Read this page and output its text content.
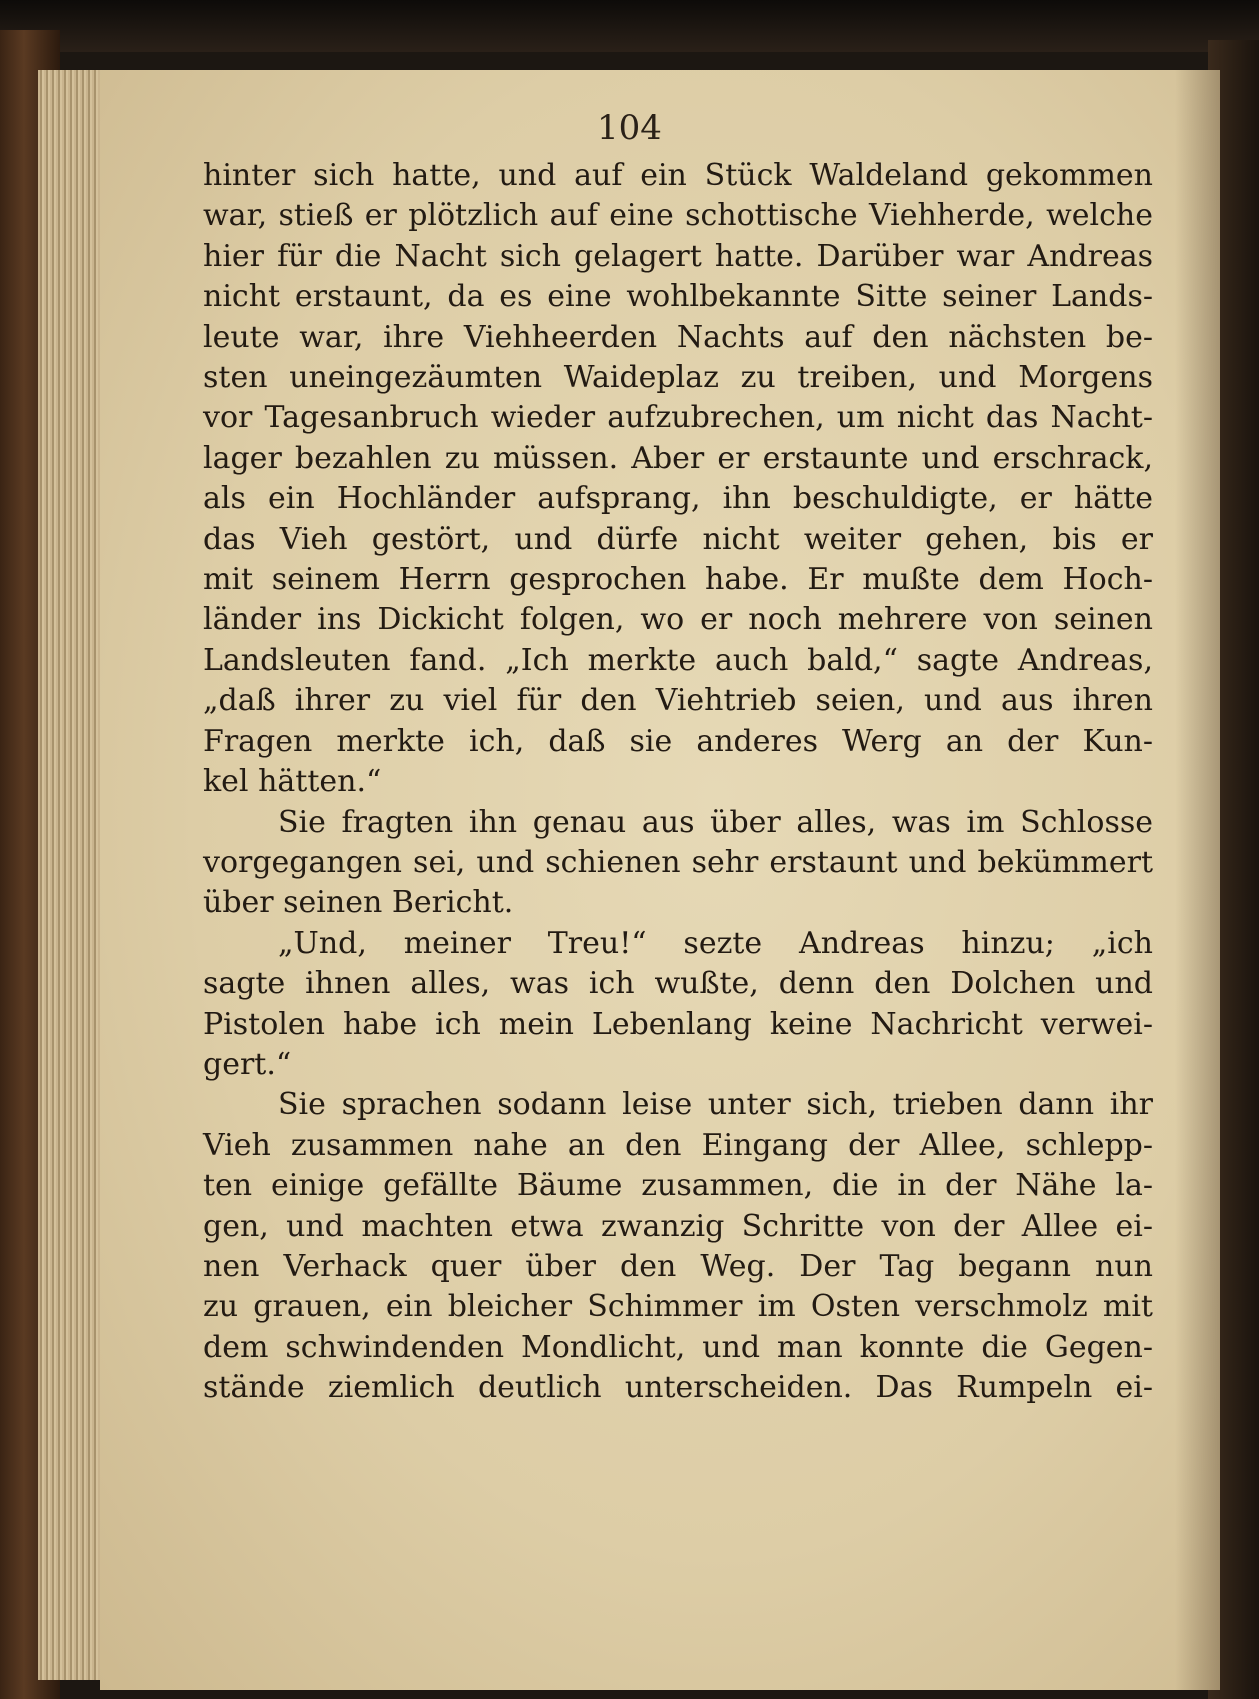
104
hinter sich hatte, und auf ein Stück Waldeland gekommen
war, stieß er plötzlich auf eine schottische Viehherde, welche
hier für die Nacht sich gelagert hatte. Darüber war Andreas
nicht erstaunt, da es eine wohlbekannte Sitte seiner Lands-
leute war, ihre Viehheerden Nachts auf den nächsten be-
sten uneingezäumten Waideplaz zu treiben, und Morgens
vor Tagesanbruch wieder aufzubrechen, um nicht das Nacht-
lager bezahlen zu müssen. Aber er erstaunte und erschrack,
als ein Hochländer aufsprang, ihn beschuldigte, er hätte
das Vieh gestört, und dürfe nicht weiter gehen, bis er
mit seinem Herrn gesprochen habe. Er mußte dem Hoch-
länder ins Dickicht folgen, wo er noch mehrere von seinen
Landsleuten fand. „Ich merkte auch bald,“ sagte Andreas,
„daß ihrer zu viel für den Viehtrieb seien, und aus ihren
Fragen merkte ich, daß sie anderes Werg an der Kun-
kel hätten.“
Sie fragten ihn genau aus über alles, was im Schlosse
vorgegangen sei, und schienen sehr erstaunt und bekümmert
über seinen Bericht.
„Und, meiner Treu!“ sezte Andreas hinzu; „ich
sagte ihnen alles, was ich wußte, denn den Dolchen und
Pistolen habe ich mein Lebenlang keine Nachricht verwei-
gert.“
Sie sprachen sodann leise unter sich, trieben dann ihr
Vieh zusammen nahe an den Eingang der Allee, schlepp-
ten einige gefällte Bäume zusammen, die in der Nähe la-
gen, und machten etwa zwanzig Schritte von der Allee ei-
nen Verhack quer über den Weg. Der Tag begann nun
zu grauen, ein bleicher Schimmer im Osten verschmolz mit
dem schwindenden Mondlicht, und man konnte die Gegen-
stände ziemlich deutlich unterscheiden. Das Rumpeln ei-
